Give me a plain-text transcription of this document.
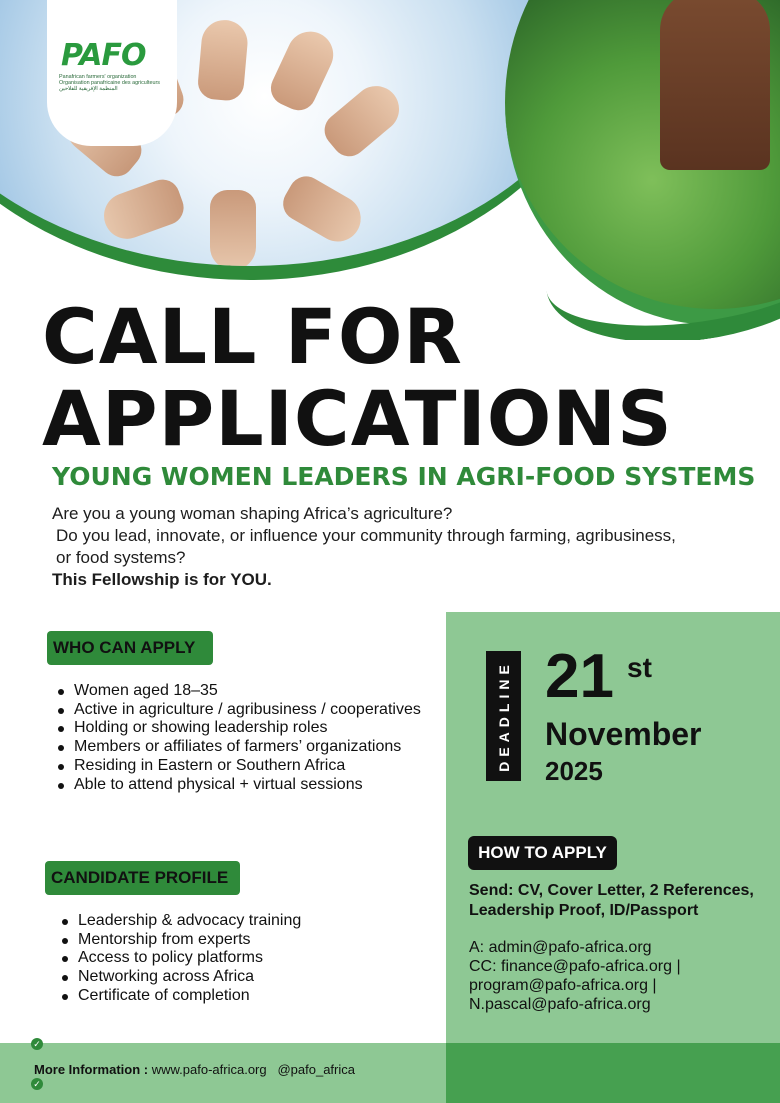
PAFO
Panafrican farmers' organization
Organisation panafricaine des agriculteurs
المنظمة الإفريقية للفلاحين
CALL FOR
APPLICATIONS
YOUNG WOMEN LEADERS IN AGRI-FOOD SYSTEMS
Are you a young woman shaping Africa’s agriculture?
Do you lead, innovate, or influence your community through farming, agribusiness, or food systems?
This Fellowship is for YOU.
DEADLINE 21 st
November
2025
HOW TO APPLY
Send: CV, Cover Letter, 2 References, Leadership Proof, ID/Passport
A: admin@pafo-africa.org
CC: finance@pafo-africa.org |
program@pafo-africa.org |
N.pascal@pafo-africa.org
WHO CAN APPLY
Women aged 18–35
Active in agriculture / agribusiness / cooperatives
Holding or showing leadership roles
Members or affiliates of farmers’ organizations
Residing in Eastern or Southern Africa
Able to attend physical + virtual sessions
CANDIDATE PROFILE
Leadership & advocacy training
Mentorship from experts
Access to policy platforms
Networking across Africa
Certificate of completion
✓
✓
More Information : www.pafo-africa.org @pafo_africa
